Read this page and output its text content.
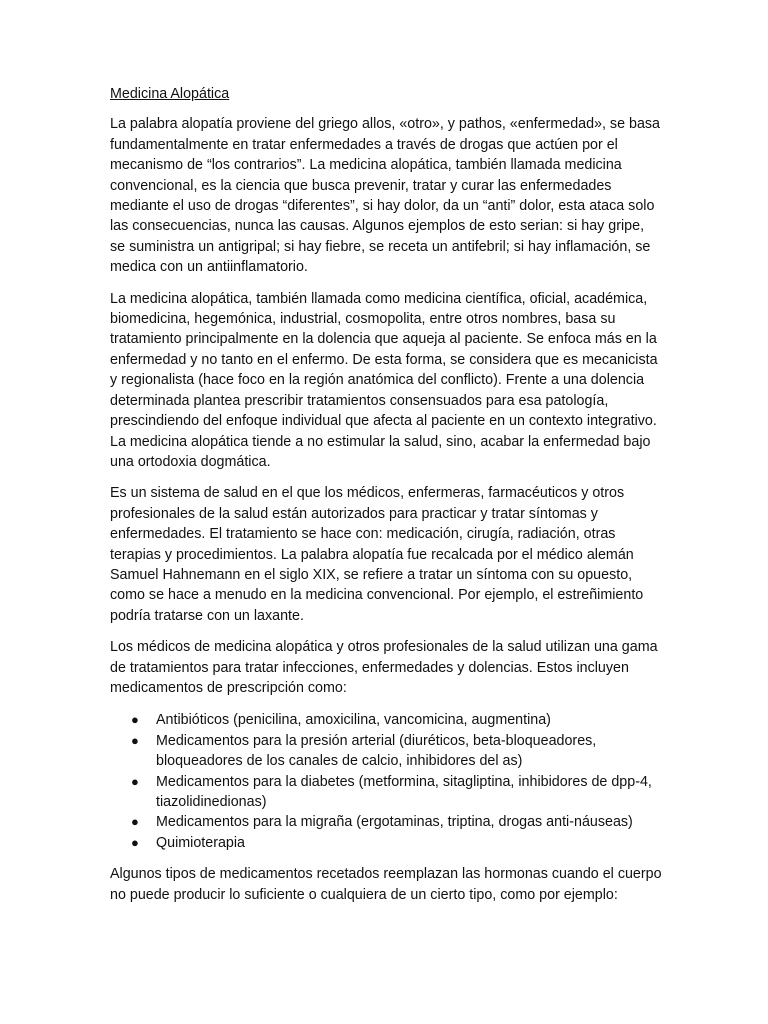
Medicina Alopática

La palabra alopatía proviene del griego allos, «otro», y pathos, «enfermedad», se basa fundamentalmente en tratar enfermedades a través de drogas que actúen por el mecanismo de “los contrarios”. La medicina alopática, también llamada medicina convencional, es la ciencia que busca prevenir, tratar y curar las enfermedades mediante el uso de drogas “diferentes”, si hay dolor, da un “anti” dolor, esta ataca solo las consecuencias, nunca las causas. Algunos ejemplos de esto serian: si hay gripe, se suministra un antigripal; si hay fiebre, se receta un antifebril; si hay inflamación, se medica con un antiinflamatorio.

La medicina alopática, también llamada como medicina científica, oficial, académica, biomedicina, hegemónica, industrial, cosmopolita, entre otros nombres, basa su tratamiento principalmente en la dolencia que aqueja al paciente. Se enfoca más en la enfermedad y no tanto en el enfermo. De esta forma, se considera que es mecanicista y regionalista (hace foco en la región anatómica del conflicto). Frente a una dolencia determinada plantea prescribir tratamientos consensuados para esa patología, prescindiendo del enfoque individual que afecta al paciente en un contexto integrativo. La medicina alopática tiende a no estimular la salud, sino, acabar la enfermedad bajo una ortodoxia dogmática.

Es un sistema de salud en el que los médicos, enfermeras, farmacéuticos y otros profesionales de la salud están autorizados para practicar y tratar síntomas y enfermedades. El tratamiento se hace con: medicación, cirugía, radiación, otras terapias y procedimientos. La palabra alopatía fue recalcada por el médico alemán Samuel Hahnemann en el siglo XIX, se refiere a tratar un síntoma con su opuesto, como se hace a menudo en la medicina convencional. Por ejemplo, el estreñimiento podría tratarse con un laxante.

Los médicos de medicina alopática y otros profesionales de la salud utilizan una gama de tratamientos para tratar infecciones, enfermedades y dolencias. Estos incluyen medicamentos de prescripción como:

● Antibióticos (penicilina, amoxicilina, vancomicina, augmentina)
● Medicamentos para la presión arterial (diuréticos, beta-bloqueadores, bloqueadores de los canales de calcio, inhibidores del as)
● Medicamentos para la diabetes (metformina, sitagliptina, inhibidores de dpp-4, tiazolidinedionas)
● Medicamentos para la migraña (ergotaminas, triptina, drogas anti-náuseas)
● Quimioterapia

Algunos tipos de medicamentos recetados reemplazan las hormonas cuando el cuerpo no puede producir lo suficiente o cualquiera de un cierto tipo, como por ejemplo:
